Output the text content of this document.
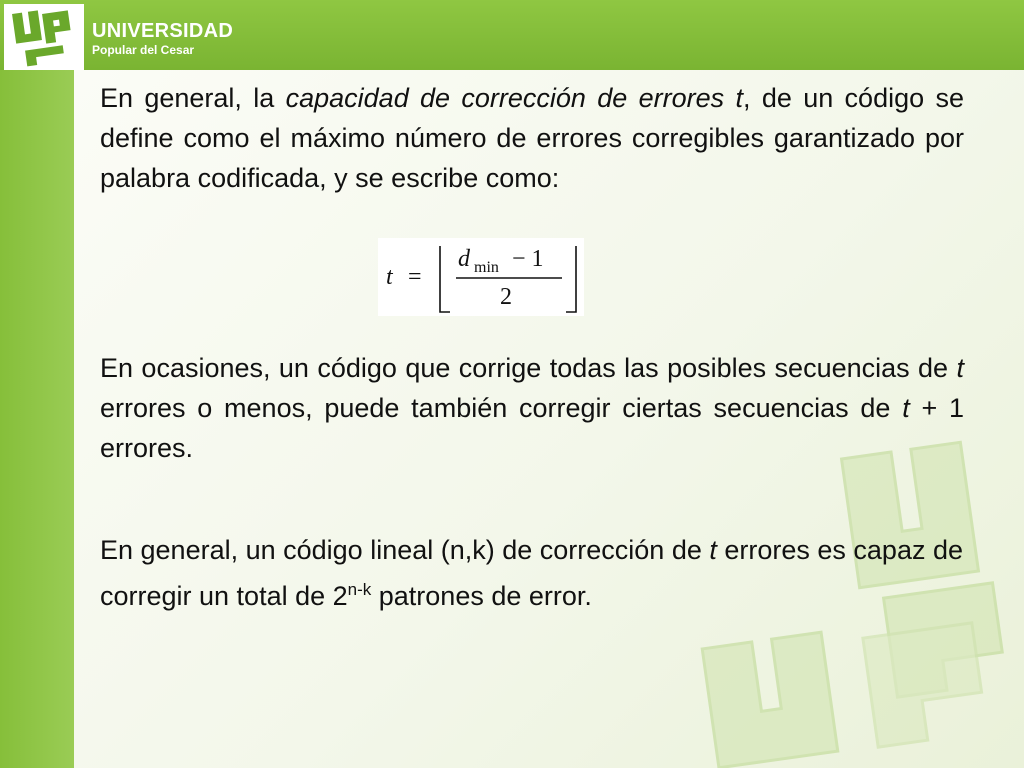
UNIVERSIDAD
Popular del Cesar
En general, la capacidad de corrección de errores t, de un código se define como el máximo número de errores corregibles garantizado por palabra codificada, y se escribe como:
t =
d min − 1
2
En ocasiones, un código que corrige todas las posibles secuencias de t errores o menos, puede también corregir ciertas secuencias de t + 1 errores.
En general, un código lineal (n,k) de corrección de t errores es capaz de corregir un total de 2$^{n-k}$ patrones de error.
